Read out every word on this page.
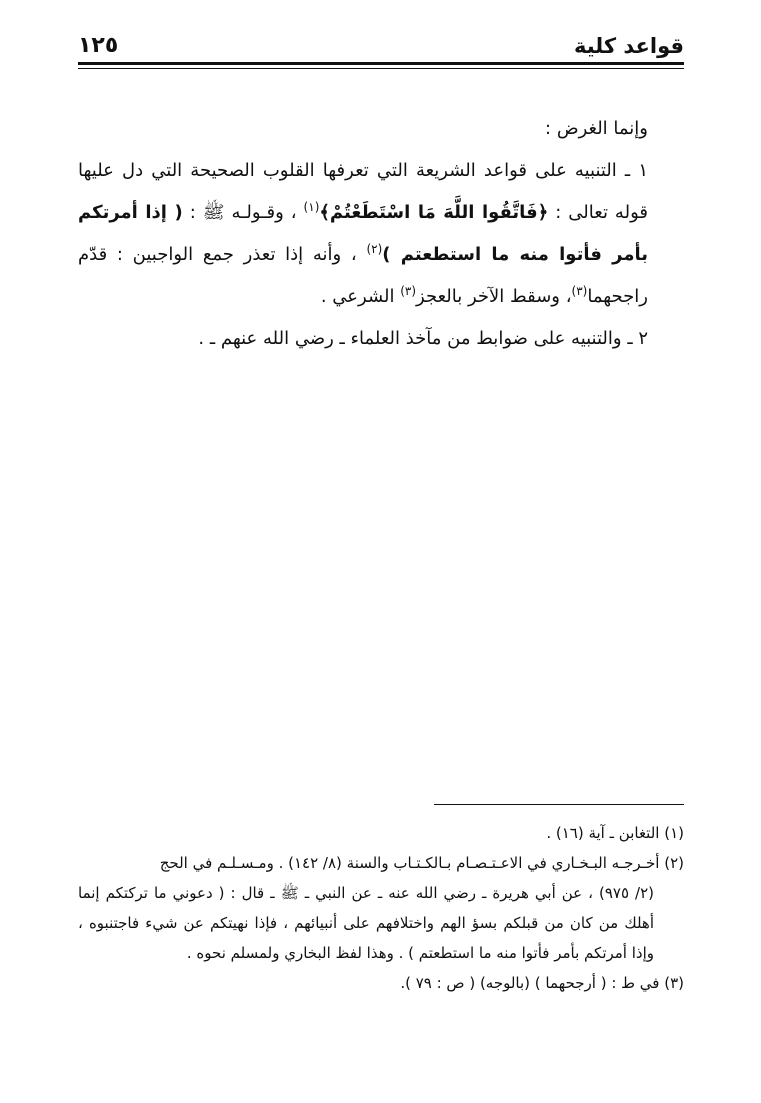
قواعد كلية
١٢٥

وإنما الغرض :

١ ـ التنبيه على قواعد الشريعة التي تعرفها القلوب الصحيحة التي دل عليها قوله تعالى : ﴿فَاتَّقُوا اللَّهَ مَا اسْتَطَعْتُمْ﴾$^{(١)}$ ، وقـولـه ﷺ : ( إذا أمرتكم بأمر فأتوا منه ما استطعتم )$^{(٢)}$ ، وأنه إذا تعذر جمع الواجبين : قدّم راجحهما$^{(٣)}$، وسقط الآخر بالعجز$^{(٣)}$ الشرعي .

٢ ـ والتنبيه على ضوابط من مآخذ العلماء ـ رضي الله عنهم ـ .

(١) التغابن ـ آية (١٦) .

(٢) أخـرجـه البـخـاري في الاعـتـصـام بـالكـتـاب والسنة (٨/ ١٤٢) . ومـسـلـم في الحج

(٢/ ٩٧٥) ، عن أبي هريرة ـ رضي الله عنه ـ عن النبي ـ ﷺ ـ قال : ( دعوني ما تركتكم إنما أهلك من كان من قبلكم بسؤ الهم واختلافهم على أنبيائهم ، فإذا نهيتكم عن شيء فاجتنبوه ، وإذا أمرتكم بأمر فأتوا منه ما استطعتم ) . وهذا لفظ البخاري ولمسلم نحوه .

(٣) في ط : ( أرجحهما ) (بالوجه) ( ص : ٧٩ ).
